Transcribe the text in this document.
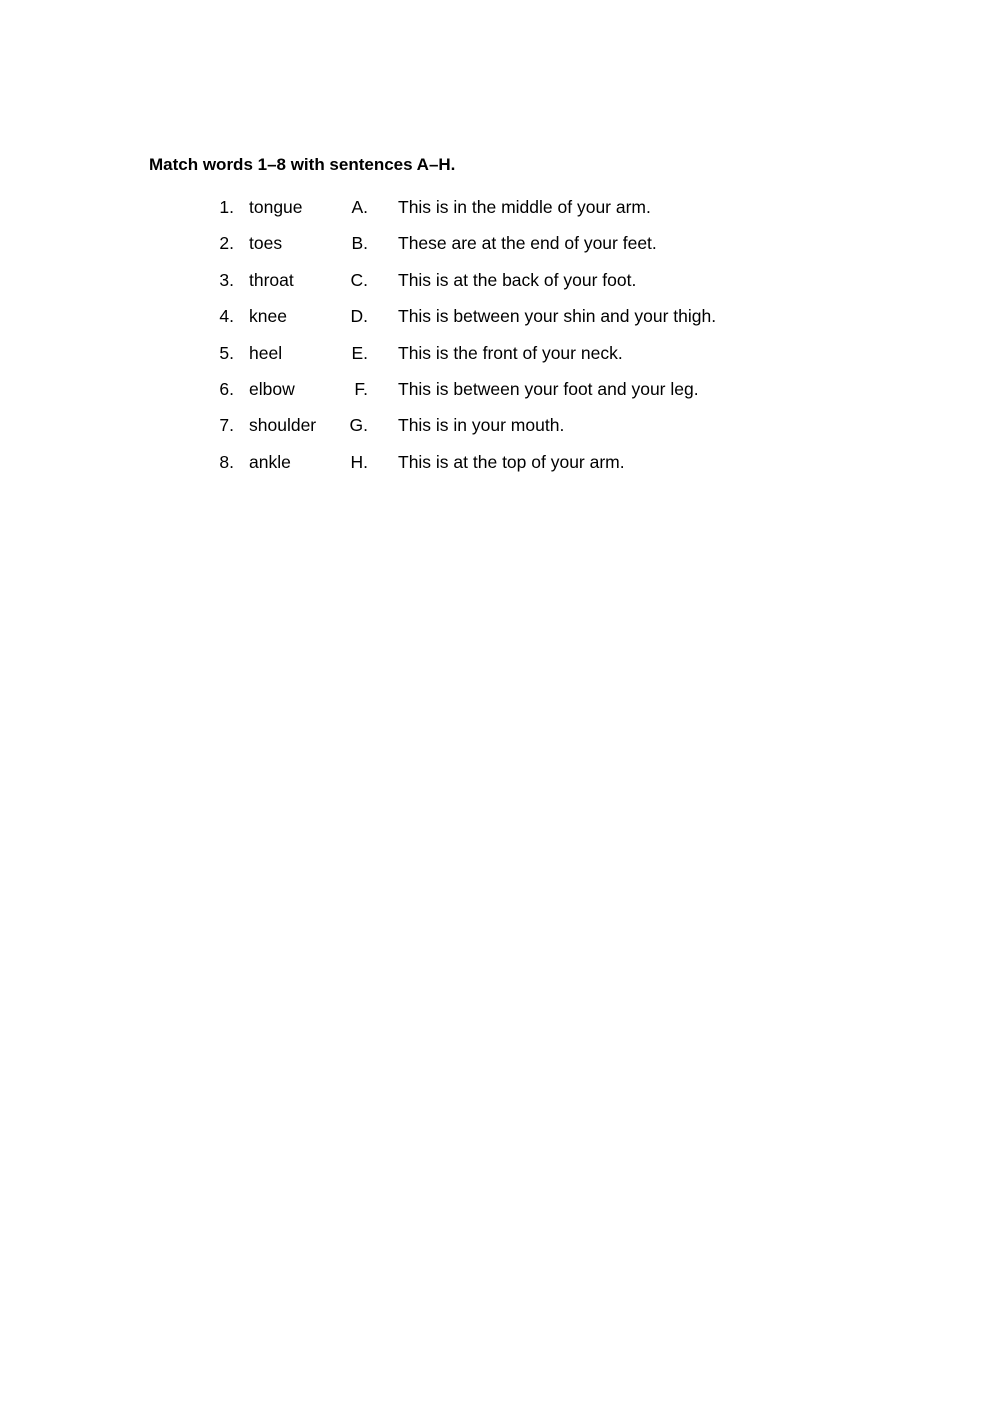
Match words 1–8 with sentences A–H.
1. tongue	A. This is in the middle of your arm.
2. toes	B. These are at the end of your feet.
3. throat	C. This is at the back of your foot.
4. knee	D. This is between your shin and your thigh.
5. heel	E. This is the front of your neck.
6. elbow	F. This is between your foot and your leg.
7. shoulder	G. This is in your mouth.
8. ankle	H. This is at the top of your arm.
